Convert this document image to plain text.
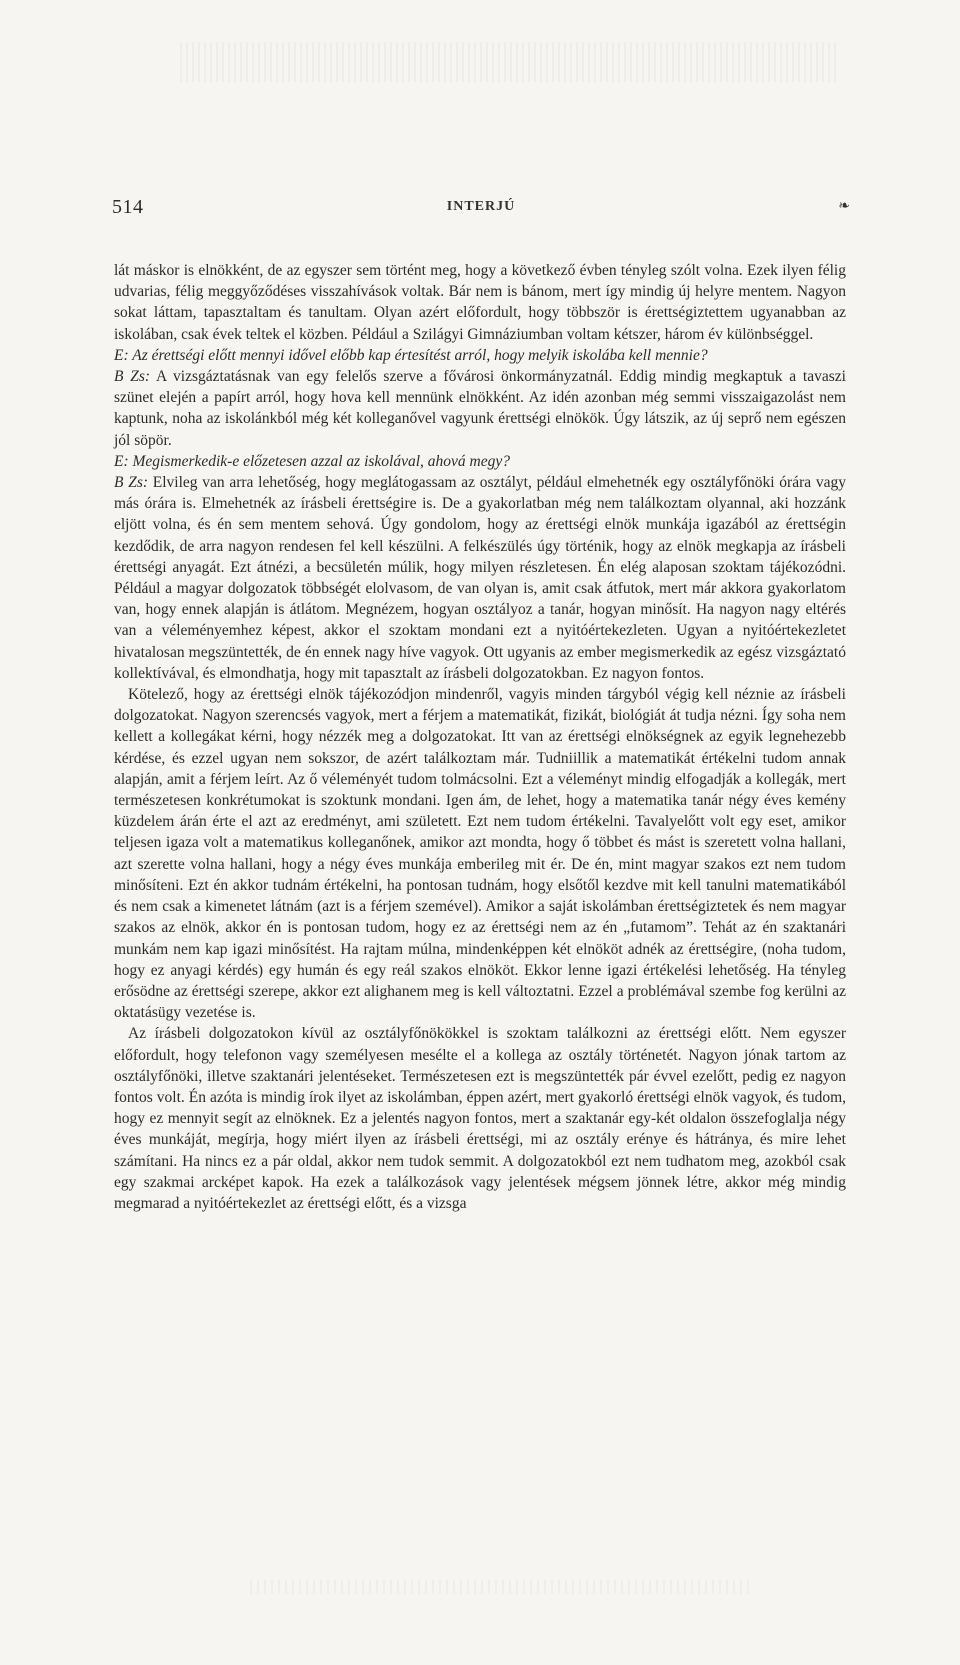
514	INTERJÚ	❧

lát máskor is elnökként, de az egyszer sem történt meg, hogy a következő évben tényleg szólt volna. Ezek ilyen félig udvarias, félig meggyőződéses visszahívások voltak. Bár nem is bánom, mert így mindig új helyre mentem. Nagyon sokat láttam, tapasztaltam és tanultam. Olyan azért előfordult, hogy többször is érettségiztettem ugyanabban az iskolában, csak évek teltek el közben. Például a Szilágyi Gimnáziumban voltam kétszer, három év különbséggel.

E: Az érettségi előtt mennyi idővel előbb kap értesítést arról, hogy melyik iskolába kell mennie?

B Zs: A vizsgáztatásnak van egy felelős szerve a fővárosi önkormányzatnál. Eddig mindig megkaptuk a tavaszi szünet elején a papírt arról, hogy hova kell mennünk elnökként. Az idén azonban még semmi visszaigazolást nem kaptunk, noha az iskolánkból még két kolleganővel vagyunk érettségi elnökök. Úgy látszik, az új seprő nem egészen jól söpör.

E: Megismerkedik-e előzetesen azzal az iskolával, ahová megy?

B Zs: Elvileg van arra lehetőség, hogy meglátogassam az osztályt, például elmehetnék egy osztályfőnöki órára vagy más órára is. Elmehetnék az írásbeli érettségire is. De a gyakorlatban még nem találkoztam olyannal, aki hozzánk eljött volna, és én sem mentem sehová. Úgy gondolom, hogy az érettségi elnök munkája igazából az érettségin kezdődik, de arra nagyon rendesen fel kell készülni. A felkészülés úgy történik, hogy az elnök megkapja az írásbeli érettségi anyagát. Ezt átnézi, a becsületén múlik, hogy milyen részletesen. Én elég alaposan szoktam tájékozódni. Például a magyar dolgozatok többségét elolvasom, de van olyan is, amit csak átfutok, mert már akkora gyakorlatom van, hogy ennek alapján is átlátom. Megnézem, hogyan osztályoz a tanár, hogyan minősít. Ha nagyon nagy eltérés van a véleményemhez képest, akkor el szoktam mondani ezt a nyitóértekezleten. Ugyan a nyitóértekezletet hivatalosan megszüntették, de én ennek nagy híve vagyok. Ott ugyanis az ember megismerkedik az egész vizsgáztató kollektívával, és elmondhatja, hogy mit tapasztalt az írásbeli dolgozatokban. Ez nagyon fontos.

Kötelező, hogy az érettségi elnök tájékozódjon mindenről, vagyis minden tárgyból végig kell néznie az írásbeli dolgozatokat. Nagyon szerencsés vagyok, mert a férjem a matematikát, fizikát, biológiát át tudja nézni. Így soha nem kellett a kollegákat kérni, hogy nézzék meg a dolgozatokat. Itt van az érettségi elnökségnek az egyik legnehezebb kérdése, és ezzel ugyan nem sokszor, de azért találkoztam már. Tudniillik a matematikát értékelni tudom annak alapján, amit a férjem leírt. Az ő véleményét tudom tolmácsolni. Ezt a véleményt mindig elfogadják a kollegák, mert természetesen konkrétumokat is szoktunk mondani. Igen ám, de lehet, hogy a matematika tanár négy éves kemény küzdelem árán érte el azt az eredményt, ami született. Ezt nem tudom értékelni. Tavalyelőtt volt egy eset, amikor teljesen igaza volt a matematikus kolleganőnek, amikor azt mondta, hogy ő többet és mást is szeretett volna hallani, azt szerette volna hallani, hogy a négy éves munkája emberileg mit ér. De én, mint magyar szakos ezt nem tudom minősíteni. Ezt én akkor tudnám értékelni, ha pontosan tudnám, hogy elsőtől kezdve mit kell tanulni matematikából és nem csak a kimenetet látnám (azt is a férjem szemével). Amikor a saját iskolámban érettségiztetek és nem magyar szakos az elnök, akkor én is pontosan tudom, hogy ez az érettségi nem az én „futamom”. Tehát az én szaktanári munkám nem kap igazi minősítést. Ha rajtam múlna, mindenképpen két elnököt adnék az érettségire, (noha tudom, hogy ez anyagi kérdés) egy humán és egy reál szakos elnököt. Ekkor lenne igazi értékelési lehetőség. Ha tényleg erősödne az érettségi szerepe, akkor ezt alighanem meg is kell változtatni. Ezzel a problémával szembe fog kerülni az oktatásügy vezetése is.

Az írásbeli dolgozatokon kívül az osztályfőnökökkel is szoktam találkozni az érettségi előtt. Nem egyszer előfordult, hogy telefonon vagy személyesen mesélte el a kollega az osztály történetét. Nagyon jónak tartom az osztályfőnöki, illetve szaktanári jelentéseket. Természetesen ezt is megszüntették pár évvel ezelőtt, pedig ez nagyon fontos volt. Én azóta is mindig írok ilyet az iskolámban, éppen azért, mert gyakorló érettségi elnök vagyok, és tudom, hogy ez mennyit segít az elnöknek. Ez a jelentés nagyon fontos, mert a szaktanár egy-két oldalon összefoglalja négy éves munkáját, megírja, hogy miért ilyen az írásbeli érettségi, mi az osztály erénye és hátránya, és mire lehet számítani. Ha nincs ez a pár oldal, akkor nem tudok semmit. A dolgozatokból ezt nem tudhatom meg, azokból csak egy szakmai arcképet kapok. Ha ezek a találkozások vagy jelentések mégsem jönnek létre, akkor még mindig megmarad a nyitóértekezlet az érettségi előtt, és a vizsga
